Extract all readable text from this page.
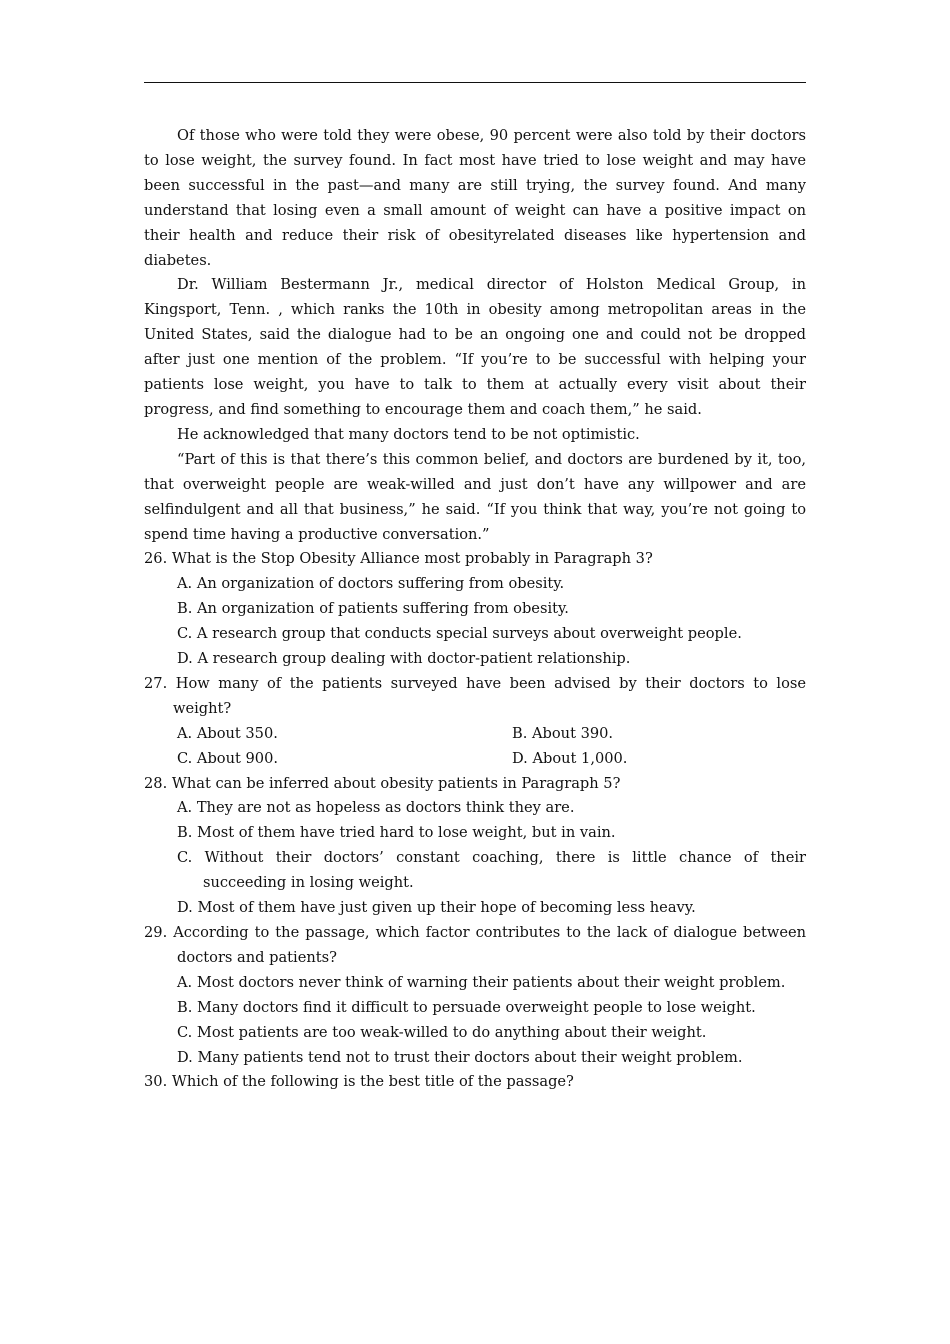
Of those who were told they were obese, 90 percent were also told by their doctors to lose weight, the survey found. In fact most have tried to lose weight and may have been successful in the past—and many are still trying, the survey found. And many understand that losing even a small amount of weight can have a positive impact on their health and reduce their risk of obesityrelated diseases like hypertension and diabetes.

Dr. William Bestermann Jr., medical director of Holston Medical Group, in Kingsport, Tenn. , which ranks the 10th in obesity among metropolitan areas in the United States, said the dialogue had to be an ongoing one and could not be dropped after just one mention of the problem. “If you’re to be successful with helping your patients lose weight, you have to talk to them at actually every visit about their progress, and find something to encourage them and coach them,” he said.

He acknowledged that many doctors tend to be not optimistic.

“Part of this is that there’s this common belief, and doctors are burdened by it, too, that overweight people are weak-willed and just don’t have any willpower and are selfindulgent and all that business,” he said. “If you think that way, you’re not going to spend time having a productive conversation.”

26. What is the Stop Obesity Alliance most probably in Paragraph 3?

A. An organization of doctors suffering from obesity.

B. An organization of patients suffering from obesity.

C. A research group that conducts special surveys about overweight people.

D. A research group dealing with doctor-patient relationship.

27. How many of the patients surveyed have been advised by their doctors to lose weight?

A. About 350.	B. About 390.
C. About 900.	D. About 1,000.

28. What can be inferred about obesity patients in Paragraph 5?

A. They are not as hopeless as doctors think they are.

B. Most of them have tried hard to lose weight, but in vain.

C. Without their doctors’ constant coaching, there is little chance of their succeeding in losing weight.

D. Most of them have just given up their hope of becoming less heavy.

29. According to the passage, which factor contributes to the lack of dialogue between doctors and patients?

A. Most doctors never think of warning their patients about their weight problem.

B. Many doctors find it difficult to persuade overweight people to lose weight.

C. Most patients are too weak-willed to do anything about their weight.

D. Many patients tend not to trust their doctors about their weight problem.

30. Which of the following is the best title of the passage?
